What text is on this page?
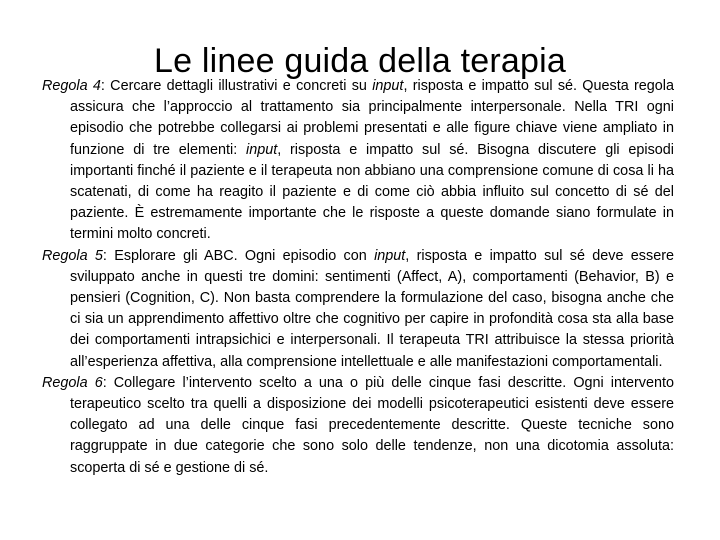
Le linee guida della terapia

Regola 4: Cercare dettagli illustrativi e concreti su input, risposta e impatto sul sé. Questa regola assicura che l’approccio al trattamento sia principalmente interpersonale. Nella TRI ogni episodio che potrebbe collegarsi ai problemi presentati e alle figure chiave viene ampliato in funzione di tre elementi: input, risposta e impatto sul sé. Bisogna discutere gli episodi importanti finché il paziente e il terapeuta non abbiano una comprensione comune di cosa li ha scatenati, di come ha reagito il paziente e di come ciò abbia influito sul concetto di sé del paziente. È estremamente importante che le risposte a queste domande siano formulate in termini molto concreti.

Regola 5: Esplorare gli ABC. Ogni episodio con input, risposta e impatto sul sé deve essere sviluppato anche in questi tre domini: sentimenti (Affect, A), comportamenti (Behavior, B) e pensieri (Cognition, C). Non basta comprendere la formulazione del caso, bisogna anche che ci sia un apprendimento affettivo oltre che cognitivo per capire in profondità cosa sta alla base dei comportamenti intrapsichici e interpersonali. Il terapeuta TRI attribuisce la stessa priorità all’esperienza affettiva, alla comprensione intellettuale e alle manifestazioni comportamentali.

Regola 6: Collegare l’intervento scelto a una o più delle cinque fasi descritte. Ogni intervento terapeutico scelto tra quelli a disposizione dei modelli psicoterapeutici esistenti deve essere collegato ad una delle cinque fasi precedentemente descritte. Queste tecniche sono raggruppate in due categorie che sono solo delle tendenze, non una dicotomia assoluta: scoperta di sé e gestione di sé.
